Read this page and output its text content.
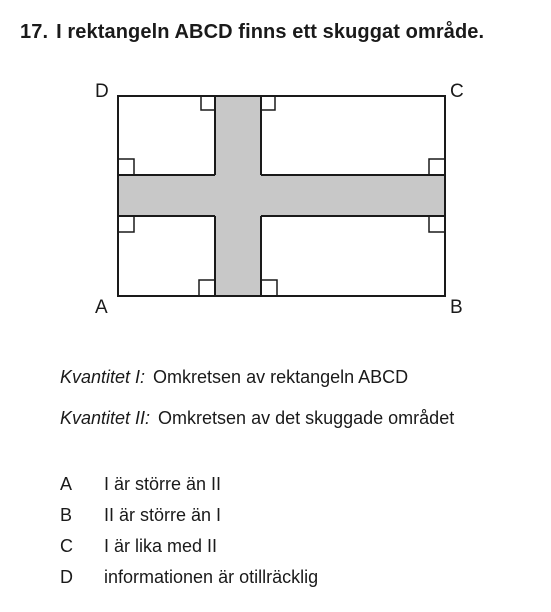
17. I rektangeln ABCD finns ett skuggat område.
D	C
A	B
Kvantitet I: Omkretsen av rektangeln ABCD
Kvantitet II: Omkretsen av det skuggade området
A I är större än II
B II är större än I
C I är lika med II
D informationen är otillräcklig
